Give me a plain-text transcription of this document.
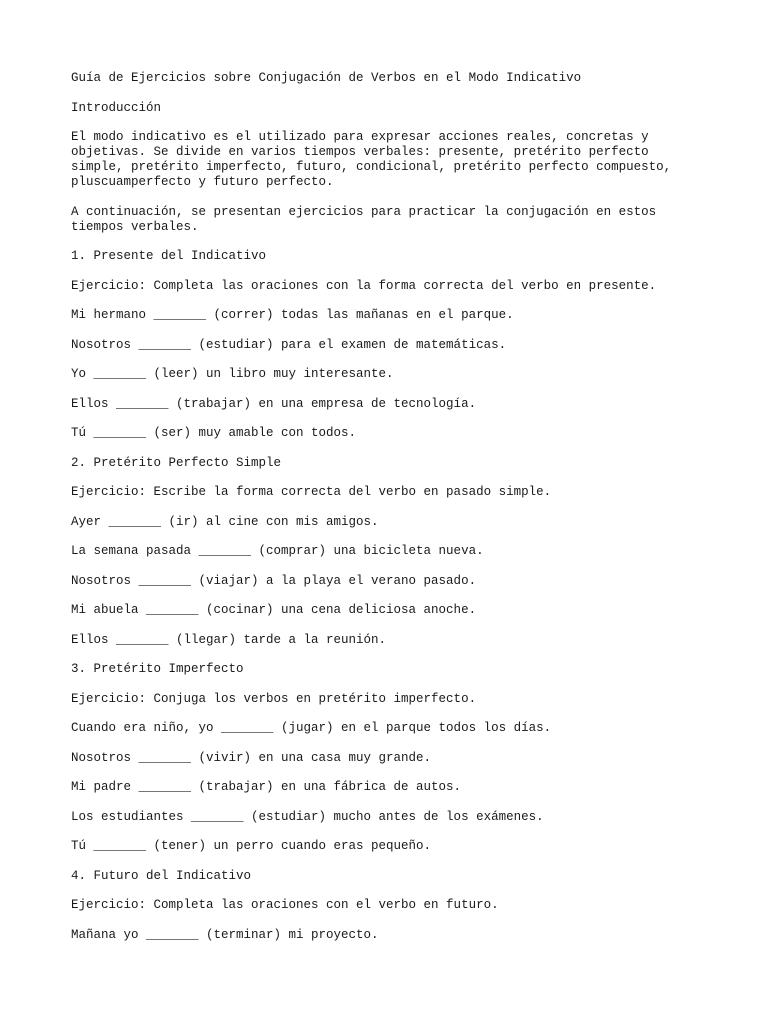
Guía de Ejercicios sobre Conjugación de Verbos en el Modo Indicativo

Introducción

El modo indicativo es el utilizado para expresar acciones reales, concretas y
objetivas. Se divide en varios tiempos verbales: presente, pretérito perfecto
simple, pretérito imperfecto, futuro, condicional, pretérito perfecto compuesto,
pluscuamperfecto y futuro perfecto.

A continuación, se presentan ejercicios para practicar la conjugación en estos
tiempos verbales.

1. Presente del Indicativo

Ejercicio: Completa las oraciones con la forma correcta del verbo en presente.

Mi hermano _______ (correr) todas las mañanas en el parque.

Nosotros _______ (estudiar) para el examen de matemáticas.

Yo _______ (leer) un libro muy interesante.

Ellos _______ (trabajar) en una empresa de tecnología.

Tú _______ (ser) muy amable con todos.

2. Pretérito Perfecto Simple

Ejercicio: Escribe la forma correcta del verbo en pasado simple.

Ayer _______ (ir) al cine con mis amigos.

La semana pasada _______ (comprar) una bicicleta nueva.

Nosotros _______ (viajar) a la playa el verano pasado.

Mi abuela _______ (cocinar) una cena deliciosa anoche.

Ellos _______ (llegar) tarde a la reunión.

3. Pretérito Imperfecto

Ejercicio: Conjuga los verbos en pretérito imperfecto.

Cuando era niño, yo _______ (jugar) en el parque todos los días.

Nosotros _______ (vivir) en una casa muy grande.

Mi padre _______ (trabajar) en una fábrica de autos.

Los estudiantes _______ (estudiar) mucho antes de los exámenes.

Tú _______ (tener) un perro cuando eras pequeño.

4. Futuro del Indicativo

Ejercicio: Completa las oraciones con el verbo en futuro.

Mañana yo _______ (terminar) mi proyecto.
